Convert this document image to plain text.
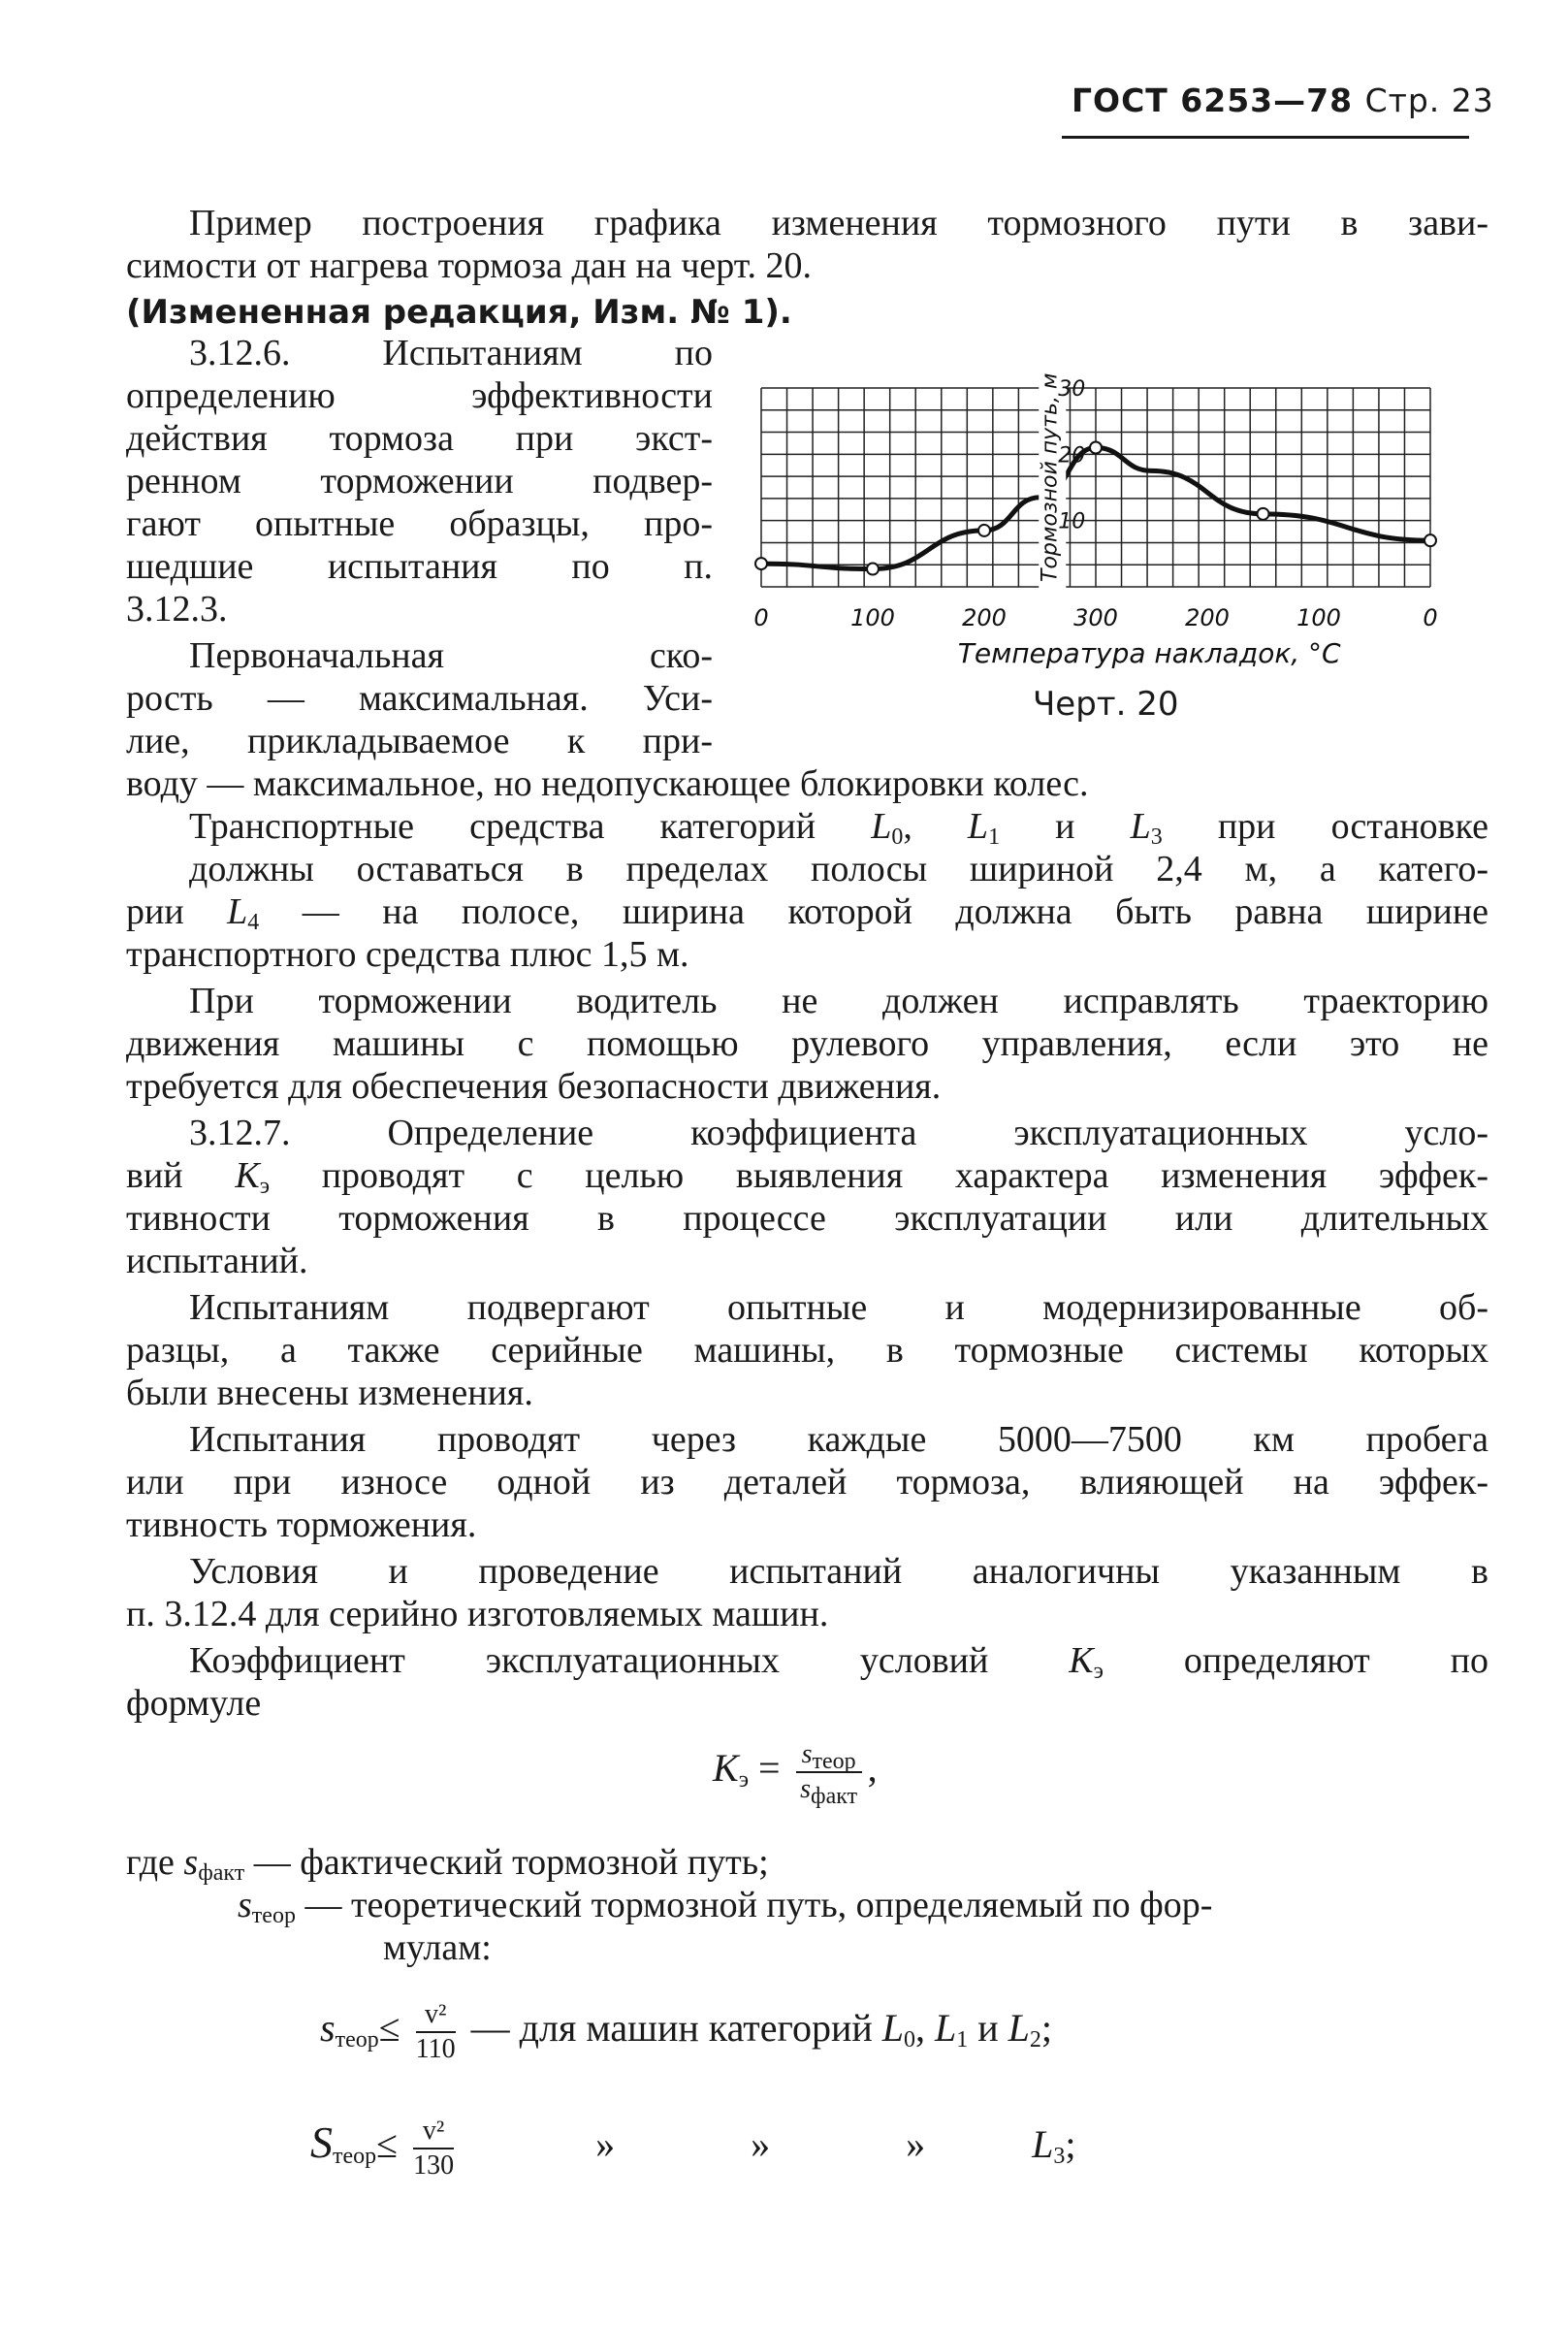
ГОСТ 6253—78 Стр. 23
Пример построения графика изменения тормозного пути в зави-
симости от нагрева тормоза дан на черт. 20.
(Измененная редакция, Изм. № 1).
3.12.6. Испытаниям по
определению эффективности
действия тормоза при экст-
ренном торможении подвер-
гают опытные образцы, про-
шедшие испытания по п.
3.12.3.
Первоначальная ско-
рость — максимальная. Уси-
лие, прикладываемое к при-
10
20
30
Тормозной путь, м
0	100	200	300	200	100	0
Температура накладок, °С
Черт. 20
воду — максимальное, но недопускающее блокировки колес.
Транспортные средства категорий $L_0$, $L_1$ и $L_3$ при остановке
должны оставаться в пределах полосы шириной 2,4 м, а катего-
рии $L_4$ — на полосе, ширина которой должна быть равна ширине
транспортного средства плюс 1,5 м.
При торможении водитель не должен исправлять траекторию
движения машины с помощью рулевого управления, если это не
требуется для обеспечения безопасности движения.
3.12.7. Определение коэффициента эксплуатационных усло-
вий $K_э$ проводят с целью выявления характера изменения эффек-
тивности торможения в процессе эксплуатации или длительных
испытаний.
Испытаниям подвергают опытные и модернизированные об-
разцы, а также серийные машины, в тормозные системы которых
были внесены изменения.
Испытания проводят через каждые 5000—7500 км пробега
или при износе одной из деталей тормоза, влияющей на эффек-
тивность торможения.
Условия и проведение испытаний аналогичны указанным в
п. 3.12.4 для серийно изготовляемых машин.
Коэффициент эксплуатационных условий $K_э$ определяют по
формуле
$K_э = \frac{s_{теор}}{s_{факт}}$ ,
где $s_{факт}$ — фактический тормозной путь;
$s_{теор}$ — теоретический тормозной путь, определяемый по фор-
мулам:
$s_{теор}\le \frac{\text{v²}}{110}$ — для машин категорий $L_0$, $L_1$ и $L_2$;
$S_{теор}\le \frac{\text{v²}}{130}$	»	»	»	$L_3$;
